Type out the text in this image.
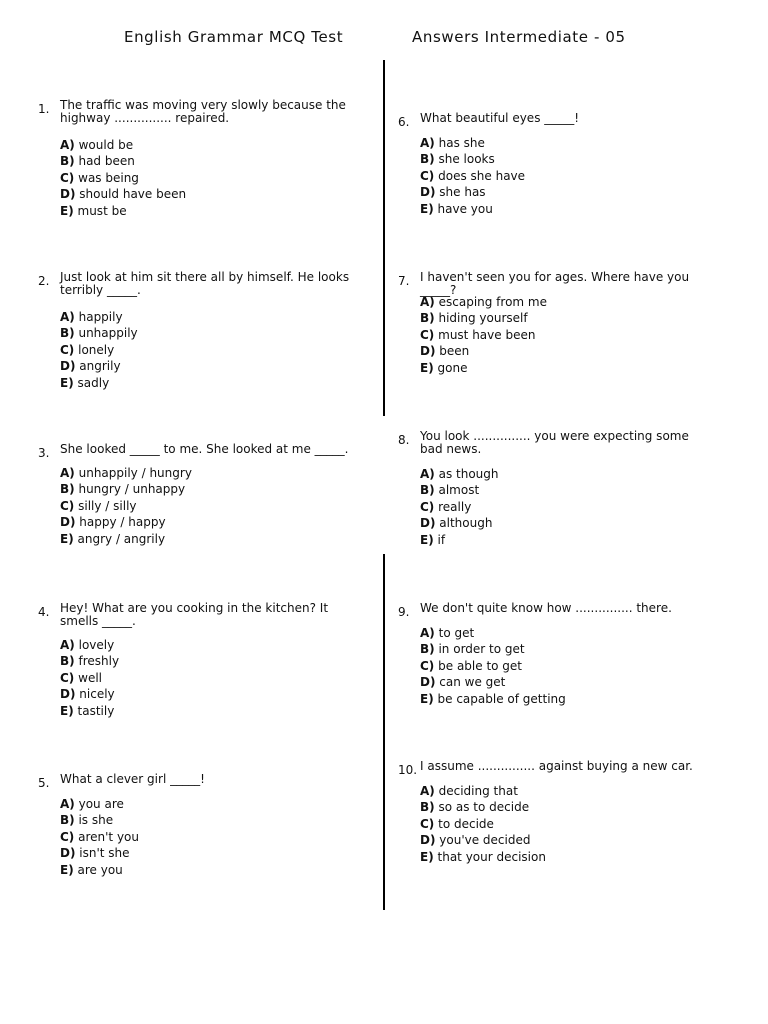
English Grammar MCQ Test	Answers Intermediate - 05
1. The traffic was moving very slowly because the highway ............... repaired.
A) would be
B) had been
C) was being
D) should have been
E) must be
2. Just look at him sit there all by himself. He looks terribly _____.
A) happily
B) unhappily
C) lonely
D) angrily
E) sadly
3. She looked _____ to me. She looked at me _____.
A) unhappily / hungry
B) hungry / unhappy
C) silly / silly
D) happy / happy
E) angry / angrily
4. Hey! What are you cooking in the kitchen? It smells _____.
A) lovely
B) freshly
C) well
D) nicely
E) tastily
5. What a clever girl _____!
A) you are
B) is she
C) aren't you
D) isn't she
E) are you
6. What beautiful eyes _____!
A) has she
B) she looks
C) does she have
D) she has
E) have you
7. I haven't seen you for ages. Where have you _____?
A) escaping from me
B) hiding yourself
C) must have been
D) been
E) gone
8. You look ............... you were expecting some bad news.
A) as though
B) almost
C) really
D) although
E) if
9. We don't quite know how ............... there.
A) to get
B) in order to get
C) be able to get
D) can we get
E) be capable of getting
10. I assume ............... against buying a new car.
A) deciding that
B) so as to decide
C) to decide
D) you've decided
E) that your decision
